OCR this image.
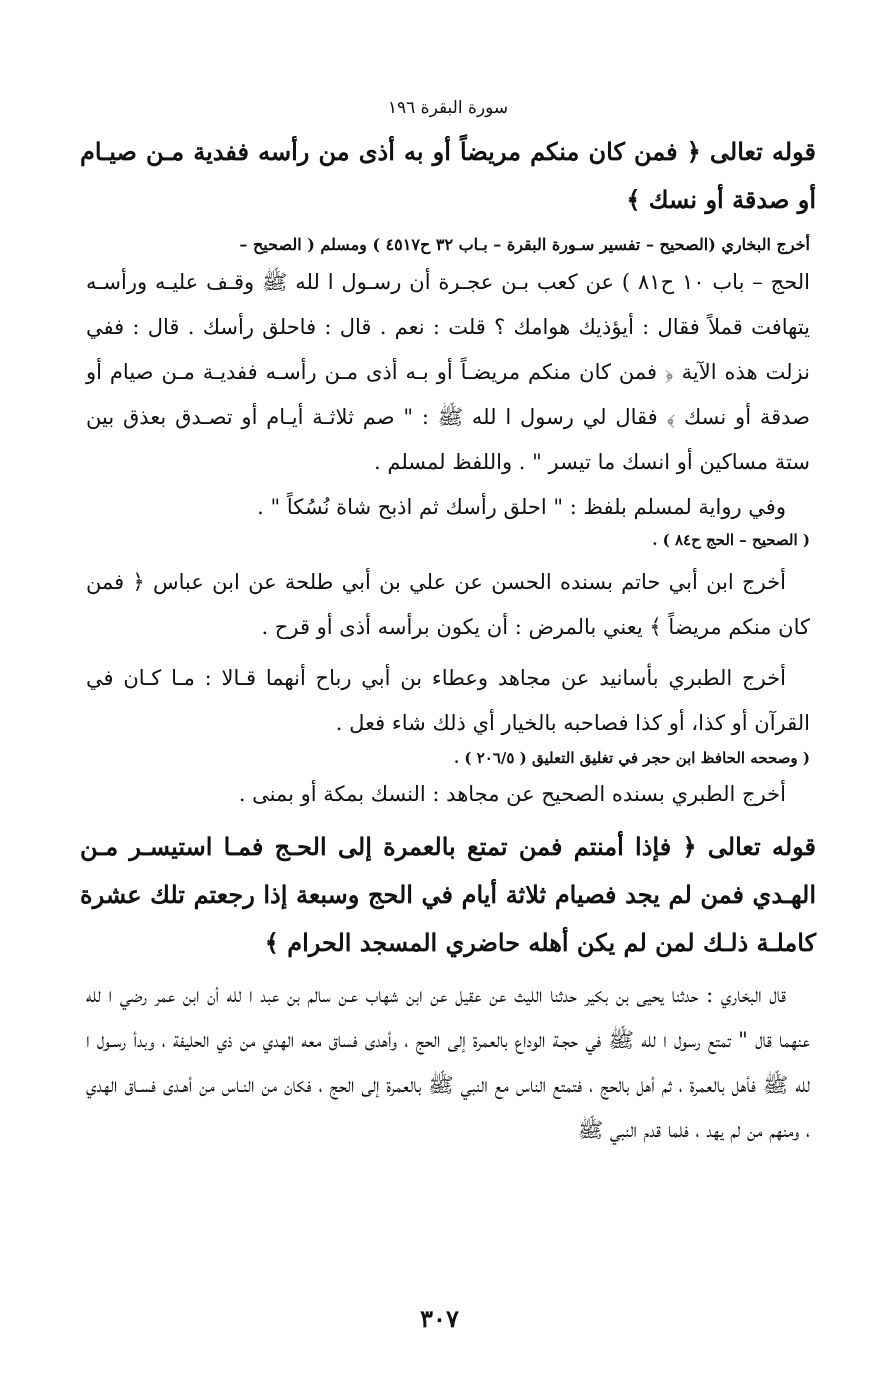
سورة البقرة ١٩٦
قوله تعالى ﴿ فمن كان منكم مريضاً أو به أذى من رأسه ففدية مـن صيـام أو صدقة أو نسك ﴾
أخرج البخاري (الصحيح – تفسير سـورة البقرة – بـاب ٣٢ ح٤٥١٧ ) ومسلم ( الصحيح –
الحج – باب ١٠ ح٨١ ) عن كعب بـن عجـرة أن رسـول ا لله ﷺ وقـف عليـه ورأسـه يتهافت قملاً فقال : أيؤذيك هوامك ؟ قلت : نعم . قال : فاحلق رأسك . قال : ففي نزلت هذه الآية ﴿ فمن كان منكم مريضـاً أو بـه أذى مـن رأسـه ففديـة مـن صيام أو صدقة أو نسك ﴾ فقال لي رسول ا لله ﷺ : " صم ثلاثـة أيـام أو تصـدق بعذق بين ستة مساكين أو انسك ما تيسر " . واللفظ لمسلم .
وفي رواية لمسلم بلفظ : " احلق رأسك ثم اذبح شاة نُسُكاً " .
( الصحيح – الحج ح٨٤ ) .
أخرج ابن أبي حاتم بسنده الحسن عن علي بن أبي طلحة عن ابن عباس ﴿ فمن كان منكم مريضاً ﴾ يعني بالمرض : أن يكون برأسه أذى أو قرح .
أخرج الطبري بأسانيد عن مجاهد وعطاء بن أبي رباح أنهما قـالا : مـا كـان في القرآن أو كذا، أو كذا فصاحبه بالخيار أي ذلك شاء فعل .
( وصححه الحافظ ابن حجر في تغليق التعليق ( ٢٠٦/٥ ) .
أخرج الطبري بسنده الصحيح عن مجاهد : النسك بمكة أو بمنى .
قوله تعالى ﴿ فإذا أمنتم فمن تمتع بالعمرة إلى الحـج فمـا استيسـر مـن الهـدي فمن لم يجد فصيام ثلاثة أيام في الحج وسبعة إذا رجعتم تلك عشرة كاملـة ذلـك لمن لم يكن أهله حاضري المسجد الحرام ﴾
قال البخاري : حدثنا يحيى بن بكير حدثنا الليث عن عقيل عن ابن شهاب عـن سالم بن عبد ا لله أن ابن عمر رضي ا لله عنهما قال " تمتع رسول ا لله ﷺ في حجـة الوداع بالعمرة إلى الحج ، وأهدى فساق معه الهدي من ذي الحليفة ، وبدأ رسـول ا لله ﷺ فأهل بالعمرة ، ثم أهل بالحج ، فتمتع الناس مع النبي ﷺ بالعمرة إلى الحج ، فكان من النـاس من أهـدى فسـاق الهدي ، ومنهم من لم يهد ، فلما قدم النبي ﷺ
٣٠٧
